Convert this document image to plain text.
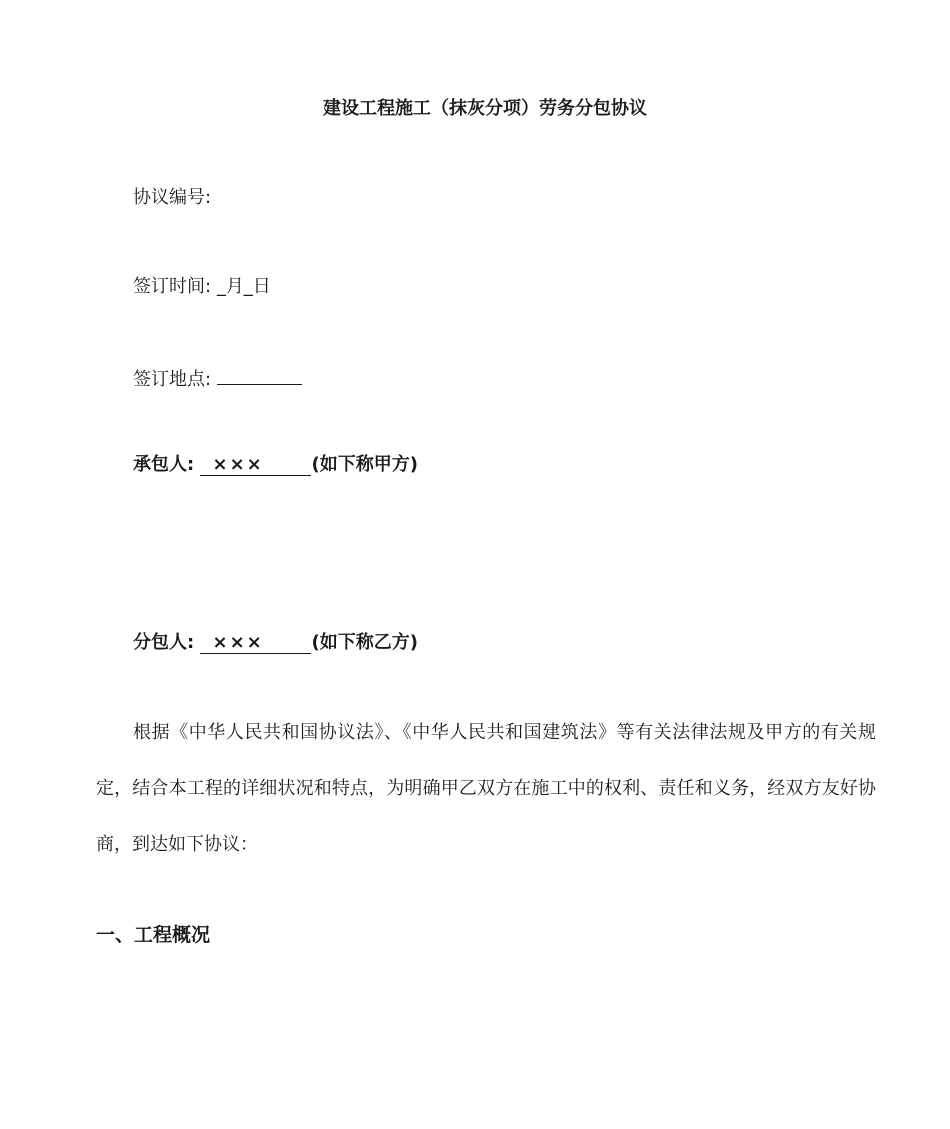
建设工程施工（抹灰分项）劳务分包协议
协议编号:
签订时间: _月_日
签订地点:
承包人: ×××	(如下称甲方)
分包人: ×××	(如下称乙方)
根据《中华人民共和国协议法》、《中华人民共和国建筑法》等有关法律法规及甲方的有关规定，结合本工程的详细状况和特点，为明确甲乙双方在施工中的权利、责任和义务，经双方友好协商，到达如下协议：
一、工程概况
